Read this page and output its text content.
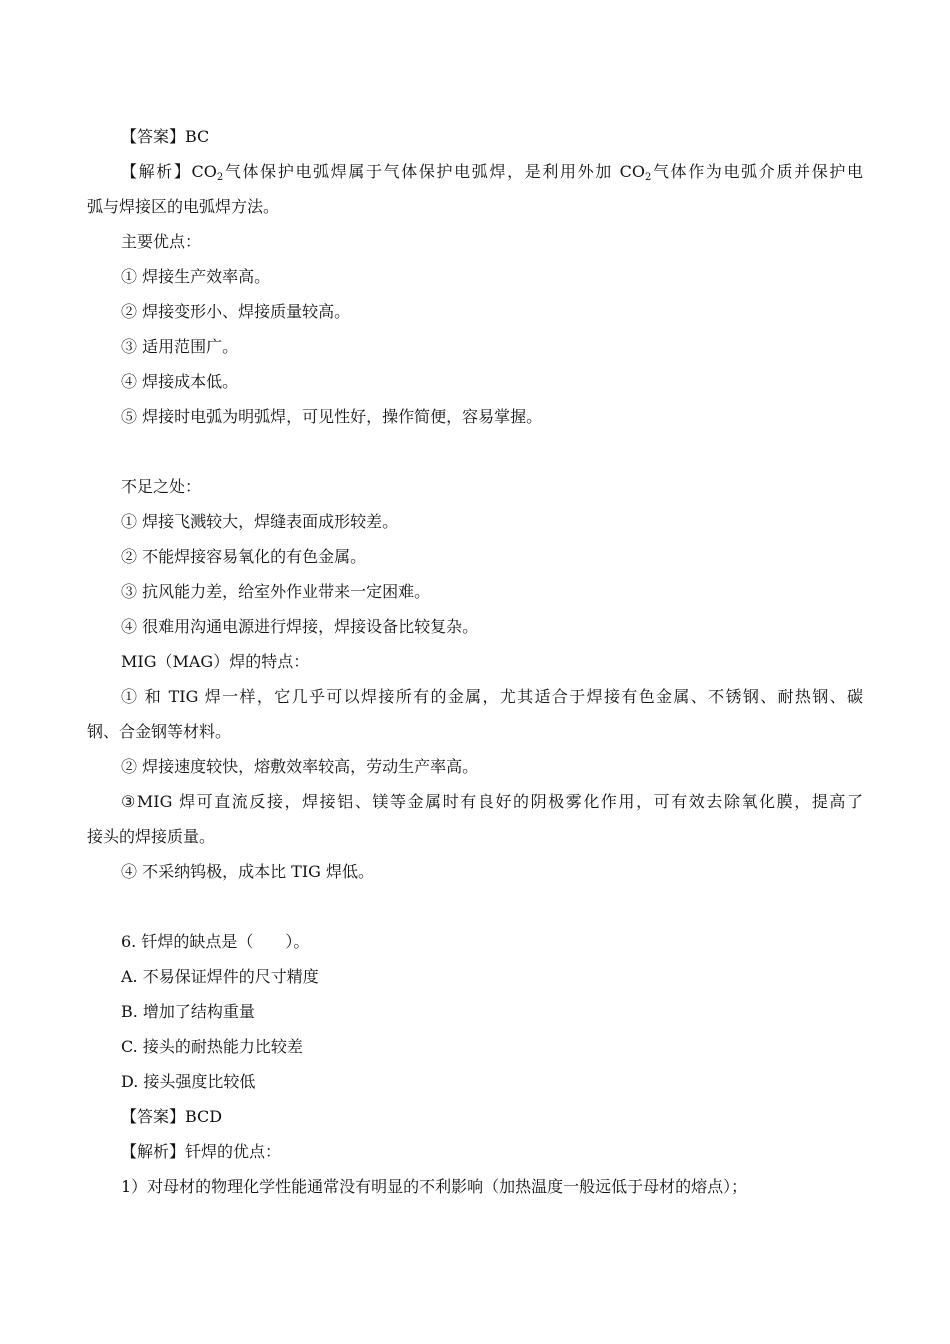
【答案】BC
【解析】$CO_2$气体保护电弧焊属于气体保护电弧焊，是利用外加 $CO_2$气体作为电弧介质并保护电
弧与焊接区的电弧焊方法。
主要优点：
① 焊接生产效率高。
② 焊接变形小、焊接质量较高。
③ 适用范围广。
④ 焊接成本低。
⑤ 焊接时电弧为明弧焊，可见性好，操作简便，容易掌握。
不足之处：
① 焊接飞溅较大，焊缝表面成形较差。
② 不能焊接容易氧化的有色金属。
③ 抗风能力差，给室外作业带来一定困难。
④ 很难用沟通电源进行焊接，焊接设备比较复杂。
MIG（MAG）焊的特点：
① 和 TIG 焊一样，它几乎可以焊接所有的金属，尤其适合于焊接有色金属、不锈钢、耐热钢、碳
钢、合金钢等材料。
② 焊接速度较快，熔敷效率较高，劳动生产率高。
③MIG 焊可直流反接，焊接铝、镁等金属时有良好的阴极雾化作用，可有效去除氧化膜，提高了
接头的焊接质量。
④ 不采纳钨极，成本比 TIG 焊低。
6. 钎焊的缺点是（　　）。
A. 不易保证焊件的尺寸精度
B. 增加了结构重量
C. 接头的耐热能力比较差
D. 接头强度比较低
【答案】BCD
【解析】钎焊的优点：
1）对母材的物理化学性能通常没有明显的不利影响（加热温度一般远低于母材的熔点）；
